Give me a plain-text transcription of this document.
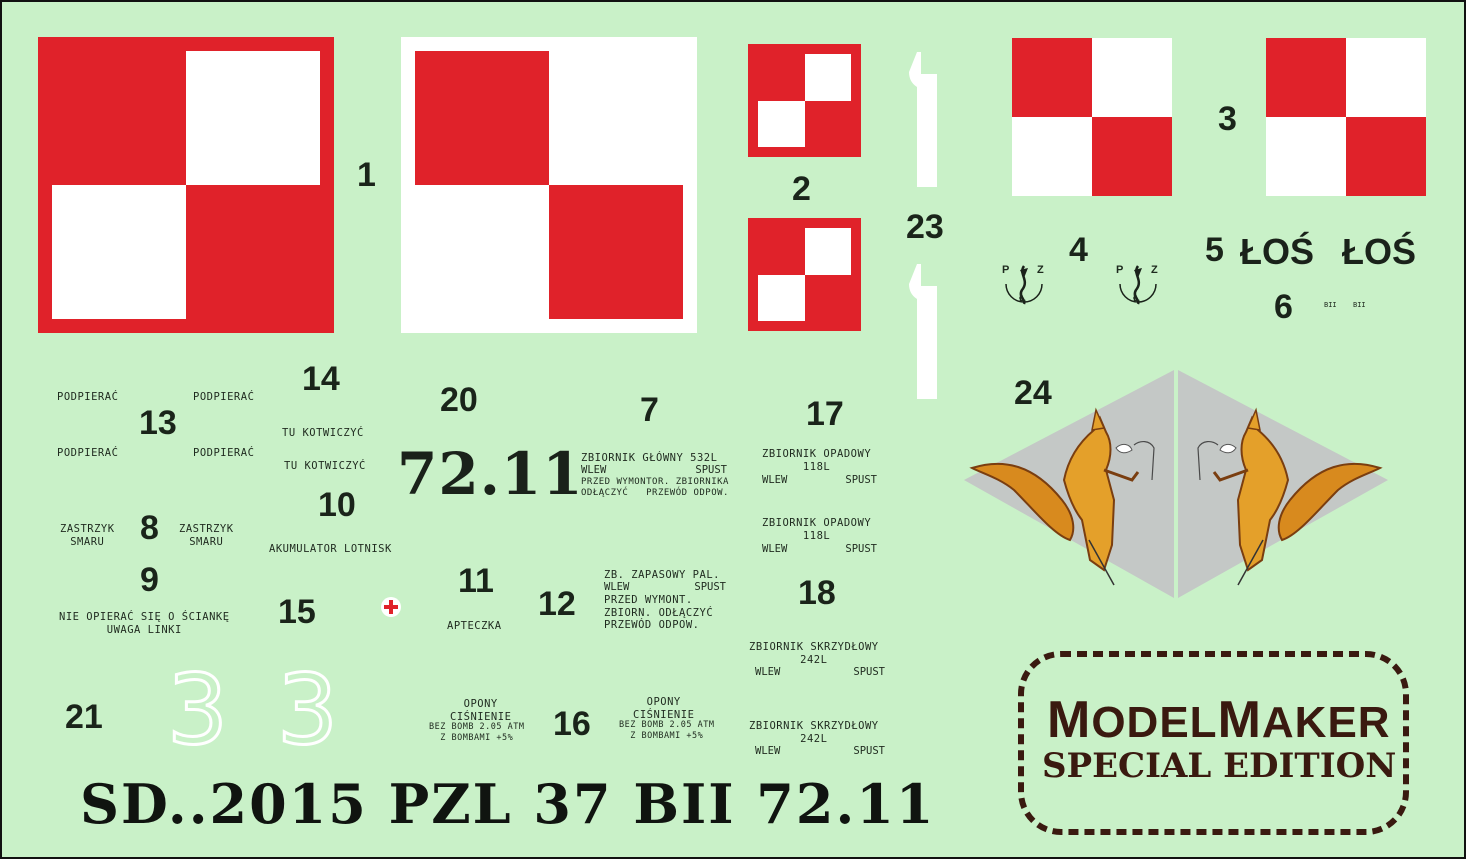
1	2
3
4	5
6
7
8
9
10
11
12
13
14
15
16
17
18
20
21
23
24
72.11
PODPIERAĆ	PODPIERAĆ
PODPIERAĆ	PODPIERAĆ
TU KOTWICZYĆ
TU KOTWICZYĆ
AKUMULATOR LOTNISK
ZASTRZYK
SMARU
ZASTRZYK
SMARU
NIE OPIERAĆ SIĘ O ŚCIANKĘ
UWAGA LINKI	APTECZKA
ZBIORNIK GŁÓWNY 532L
WLEW	SPUST
PRZED WYMONTOR. ZBIORNIKA
ODŁĄCZYĆ   PRZEWÓD ODPOW.
ZBIORNIK OPADOWY
118L
WLEW	SPUST
ZBIORNIK OPADOWY
118L
WLEW	SPUST
ZB. ZAPASOWY PAL.
WLEW	SPUST
PRZED WYMONT.
ZBIORN. ODŁĄCZYĆ
PRZEWÓD ODPOW.
ZBIORNIK SKRZYDŁOWY
242L
WLEW	SPUST
ZBIORNIK SKRZYDŁOWY
242L
WLEW	SPUST
OPONY
CIŚNIENIE
BEZ BOMB 2.05 ATM
Z BOMBAMI +5%
OPONY
CIŚNIENIE
BEZ BOMB 2.05 ATM
Z BOMBAMI +5%
3 3
ŁOŚ ŁOŚ
BII BII
P	Z
Ł
P	Z
Ł
MODELMAKER
SPECIAL EDITION
SD..2015 PZL 37 BII 72.11
